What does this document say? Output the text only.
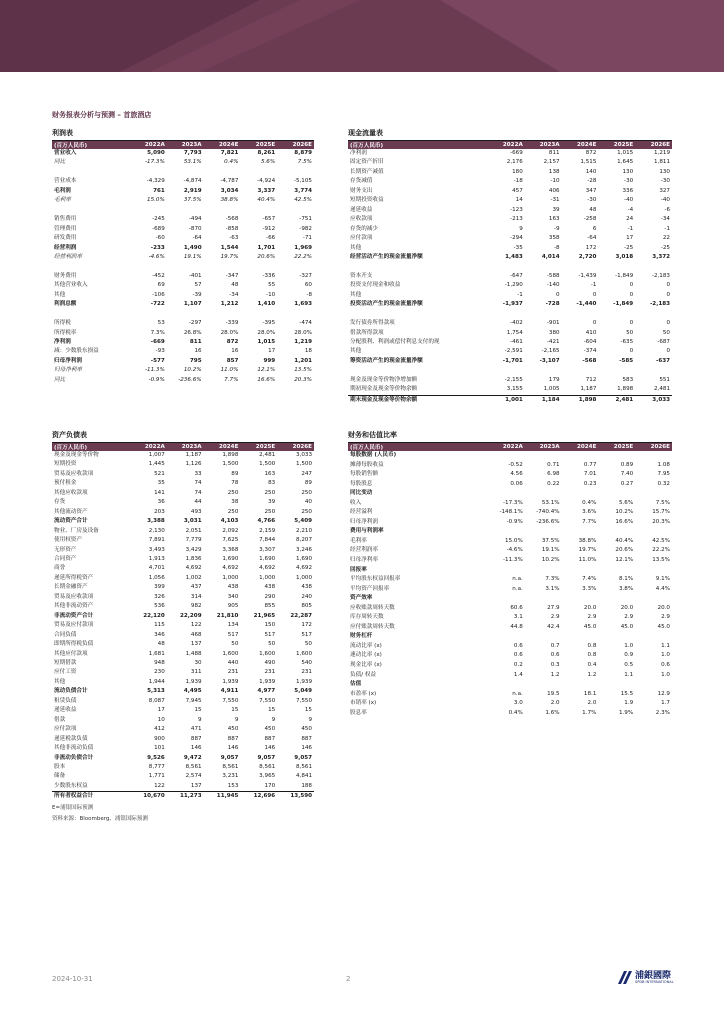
财务报表分析与预测 – 首旅酒店
利润表
(百万人民币)	2022A	2023A	2024E	2025E	2026E
营业收入	5,090	7,793	7,821	8,261	8,879
同比	-17.3%	53.1%	0.4%	5.6%	7.5%

营业成本	-4,329	-4,874	-4,787	-4,924	-5,105
毛利润	761	2,919	3,034	3,337	3,774
毛利率	15.0%	37.5%	38.8%	40.4%	42.5%

销售费用	-245	-494	-568	-657	-751
管理费用	-689	-870	-858	-912	-982
研发费用	-60	-64	-63	-66	-71
经营利润	-233	1,490	1,544	1,701	1,969
经营利润率	-4.6%	19.1%	19.7%	20.6%	22.2%

财务费用	-452	-401	-347	-336	-327
其他营业收入	69	57	48	55	60
其他	-106	-39	-34	-10	-8
利润总额	-722	1,107	1,212	1,410	1,693

所得税	53	-297	-339	-395	-474
所得税率	7.3%	26.8%	28.0%	28.0%	28.0%
净利润	-669	811	872	1,015	1,219
减：少数股东损益	-93	16	16	17	18
归母净利润	-577	795	857	999	1,201
归母净利率	-11.3%	10.2%	11.0%	12.1%	13.5%
同比	-0.9%	-236.6%	7.7%	16.6%	20.3%
现金流量表
(百万人民币)	2022A	2023A	2024E	2025E	2026E
净利润	-669	811	872	1,015	1,219
固定资产折旧	2,176	2,157	1,515	1,645	1,811
长期资产减值	180	138	140	130	130
存货减值	-18	-10	-28	-30	-30
财务支出	457	406	347	336	327
短期投资收益	14	-31	-30	-40	-40
递延收益	-123	39	48	-4	-6
应收款项	-213	163	-258	24	-34
存货的减少	9	-9	6	-1	-1
应付款项	-294	358	-64	17	22
其他	-35	-8	172	-25	-25
经营活动产生的现金流量净额	1,483	4,014	2,720	3,018	3,372

资本开支	-647	-588	-1,439	-1,849	-2,183
投资支付现金和收益	-1,290	-140	-1	0	0
其他	-1	0	0	0	0
投资活动产生的现金流量净额	-1,937	-728	-1,440	-1,849	-2,183

发行债券所得款项	-402	-901	0	0	0
借款所得款项	1,754	380	410	50	50
分配股利、利润或偿付利息支付的现	-461	-421	-604	-635	-687
其他	-2,591	-2,165	-374	0	0
筹资活动产生的现金流量净额	-1,701	-3,107	-568	-585	-637

现金及现金等价物净增加额	-2,155	179	712	583	551
期初现金及现金等价物余额	3,155	1,005	1,187	1,898	2,481
期末现金及现金等价物余额	1,001	1,184	1,898	2,481	3,033
资产负债表
(百万人民币)	2022A	2023A	2024E	2025E	2026E
现金及现金等价物	1,007	1,187	1,898	2,481	3,033
短期投资	1,445	1,126	1,500	1,500	1,500
贸易及应收款项	521	33	89	163	247
预付租金	35	74	78	83	89
其他应收款项	141	74	250	250	250
存货	36	44	38	39	40
其他流动资产	203	493	250	250	250
流动资产合计	3,388	3,031	4,103	4,766	5,409
物业、厂房及设备	2,130	2,051	2,092	2,159	2,210
使用权资产	7,891	7,779	7,625	7,844	8,207
无形资产	3,493	3,429	3,368	3,307	3,246
合同资产	1,913	1,836	1,690	1,690	1,690
商誉	4,701	4,692	4,692	4,692	4,692
递延所得税资产	1,056	1,002	1,000	1,000	1,000
长期金融资产	399	437	438	438	438
贸易及应收款项	326	314	340	290	240
其他非流动资产	536	982	905	855	805
非流动资产合计	22,120	22,209	21,810	21,965	22,287
贸易及应付款项	115	122	134	150	172
合同负债	346	468	517	517	517
即期所得税负债	48	137	50	50	50
其他应付款项	1,681	1,488	1,600	1,600	1,600
短期借款	948	30	440	490	540
应付工资	230	311	231	231	231
其他	1,944	1,939	1,939	1,939	1,939
流动负债合计	5,313	4,495	4,911	4,977	5,049
租赁负债	8,087	7,945	7,550	7,550	7,550
递延收益	17	15	15	15	15
借款	10	9	9	9	9
应付款项	412	471	450	450	450
递延税款负债	900	887	887	887	887
其他非流动负债	101	146	146	146	146
非流动负债合计	9,526	9,472	9,057	9,057	9,057
股本	8,777	8,561	8,561	8,561	8,561
储备	1,771	2,574	3,231	3,965	4,841
少数股东权益	122	137	153	170	188
所有者权益合计	10,670	11,273	11,945	12,696	13,590
E=浦银国际预测
资料来源：Bloomberg、浦银国际预测
财务和估值比率
(百万人民币)	2022A	2023A	2024E	2025E	2026E
每股数据 (人民币)					
摊薄每股收益	-0.52	0.71	0.77	0.89	1.08
每股销售额	4.56	6.98	7.01	7.40	7.95
每股股息	0.06	0.22	0.23	0.27	0.32
同比变动					
收入	-17.3%	53.1%	0.4%	5.6%	7.5%
经营溢利	-148.1%	-740.4%	3.6%	10.2%	15.7%
归母净利润	-0.9%	-236.6%	7.7%	16.6%	20.3%
费用与利润率					
毛利率	15.0%	37.5%	38.8%	40.4%	42.5%
经营利润率	-4.6%	19.1%	19.7%	20.6%	22.2%
归母净利率	-11.3%	10.2%	11.0%	12.1%	13.5%
回报率					
平均股东权益回报率	n.a.	7.3%	7.4%	8.1%	9.1%
平均资产回报率	n.a.	3.1%	3.3%	3.8%	4.4%
资产效率					
应收账款周转天数	60.6	27.9	20.0	20.0	20.0
库存周转天数	3.1	2.9	2.9	2.9	2.9
应付账款周转天数	44.8	42.4	45.0	45.0	45.0
财务杠杆					
流动比率 (x)	0.6	0.7	0.8	1.0	1.1
速动比率 (x)	0.6	0.6	0.8	0.9	1.0
现金比率 (x)	0.2	0.3	0.4	0.5	0.6
负债/ 权益	1.4	1.2	1.2	1.1	1.0
估值					
市盈率 (x)	n.a.	19.5	18.1	15.5	12.9
市销率 (x)	3.0	2.0	2.0	1.9	1.7
股息率	0.4%	1.6%	1.7%	1.9%	2.3%
2024-10-31	2	浦銀國際
SPDB INTERNATIONAL
